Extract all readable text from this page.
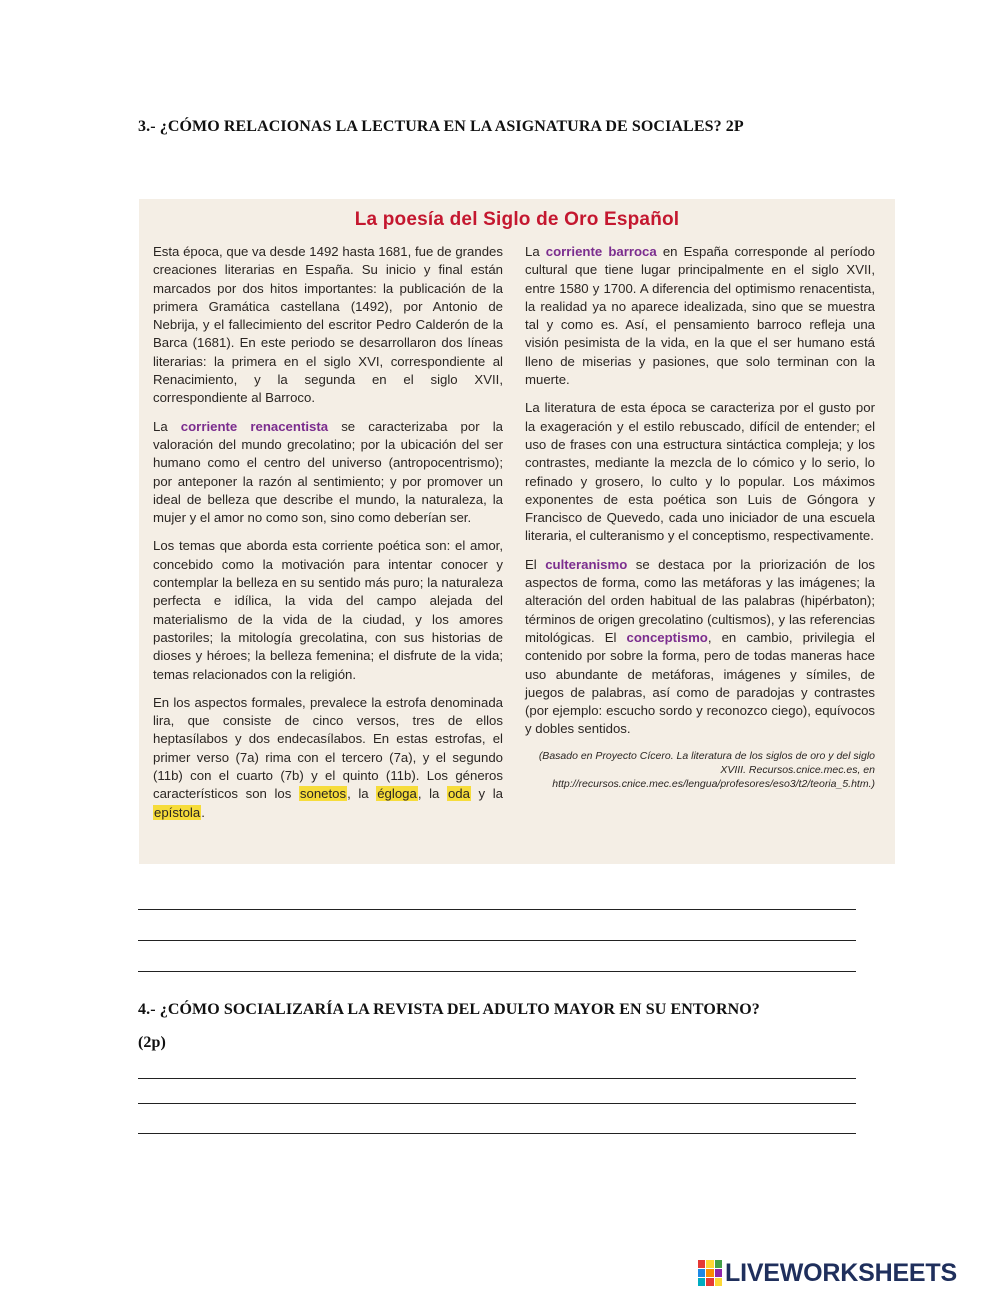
3.- ¿CÓMO RELACIONAS LA LECTURA EN LA ASIGNATURA DE SOCIALES? 2P
La poesía del Siglo de Oro Español

Esta época, que va desde 1492 hasta 1681, fue de grandes creaciones literarias en España. Su inicio y final están marcados por dos hitos importantes: la publicación de la primera Gramática castellana (1492), por Antonio de Nebrija, y el fallecimiento del escritor Pedro Calderón de la Barca (1681). En este periodo se desarrollaron dos líneas literarias: la primera en el siglo XVI, correspondiente al Renacimiento, y la segunda en el siglo XVII, correspondiente al Barroco.

La corriente renacentista se caracterizaba por la valoración del mundo grecolatino; por la ubicación del ser humano como el centro del universo (antropocentrismo); por anteponer la razón al sentimiento; y por promover un ideal de belleza que describe el mundo, la naturaleza, la mujer y el amor no como son, sino como deberían ser.

Los temas que aborda esta corriente poética son: el amor, concebido como la motivación para intentar conocer y contemplar la belleza en su sentido más puro; la naturaleza perfecta e idílica, la vida del campo alejada del materialismo de la vida de la ciudad, y los amores pastoriles; la mitología grecolatina, con sus historias de dioses y héroes; la belleza femenina; el disfrute de la vida; temas relacionados con la religión.

En los aspectos formales, prevalece la estrofa denominada lira, que consiste de cinco versos, tres de ellos heptasílabos y dos endecasílabos. En estas estrofas, el primer verso (7a) rima con el tercero (7a), y el segundo (11b) con el cuarto (7b) y el quinto (11b). Los géneros característicos son los sonetos, la égloga, la oda y la epístola.

La corriente barroca en España corresponde al período cultural que tiene lugar principalmente en el siglo XVII, entre 1580 y 1700. A diferencia del optimismo renacentista, la realidad ya no aparece idealizada, sino que se muestra tal y como es. Así, el pensamiento barroco refleja una visión pesimista de la vida, en la que el ser humano está lleno de miserias y pasiones, que solo terminan con la muerte.

La literatura de esta época se caracteriza por el gusto por la exageración y el estilo rebuscado, difícil de entender; el uso de frases con una estructura sintáctica compleja; y los contrastes, mediante la mezcla de lo cómico y lo serio, lo refinado y grosero, lo culto y lo popular. Los máximos exponentes de esta poética son Luis de Góngora y Francisco de Quevedo, cada uno iniciador de una escuela literaria, el culteranismo y el conceptismo, respectivamente.

El culteranismo se destaca por la priorización de los aspectos de forma, como las metáforas y las imágenes; la alteración del orden habitual de las palabras (hipérbaton); términos de origen grecolatino (cultismos), y las referencias mitológicas. El conceptismo, en cambio, privilegia el contenido por sobre la forma, pero de todas maneras hace uso abundante de metáforas, imágenes y símiles, de juegos de palabras, así como de paradojas y contrastes (por ejemplo: escucho sordo y reconozco ciego), equívocos y dobles sentidos.

(Basado en Proyecto Cícero. La literatura de los siglos de oro y del siglo XVIII. Recursos.cnice.mec.es, en http://recursos.cnice.mec.es/lengua/profesores/eso3/t2/teoria_5.htm.)
4.- ¿CÓMO SOCIALIZARÍA LA REVISTA DEL ADULTO MAYOR EN SU ENTORNO?
(2p)
LIVEWORKSHEETS
